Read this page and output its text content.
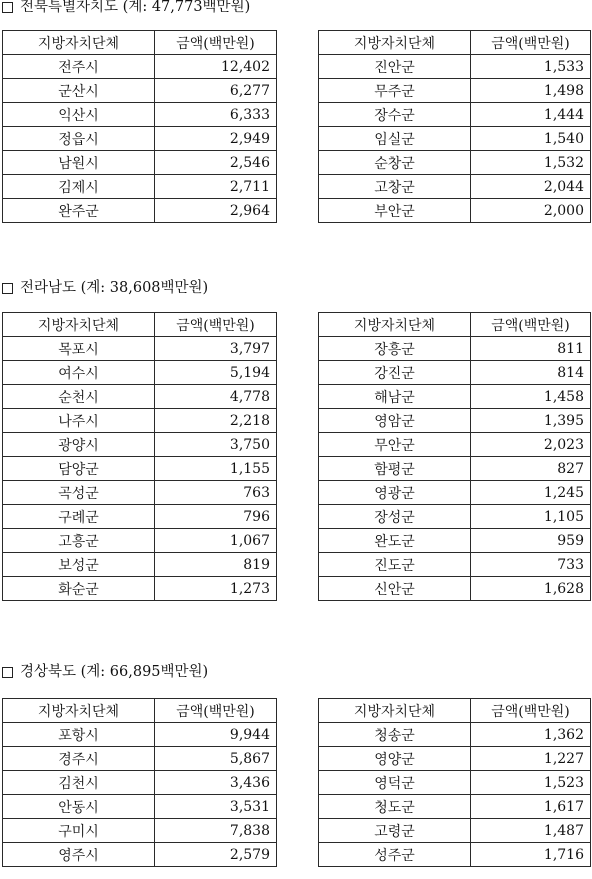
전북특별자치도 (계: 47,773백만원)
지방자치단체	금액(백만원)
전주시	12,402
군산시	6,277
익산시	6,333
정읍시	2,949
남원시	2,546
김제시	2,711
완주군	2,964
지방자치단체	금액(백만원)
진안군	1,533
무주군	1,498
장수군	1,444
임실군	1,540
순창군	1,532
고창군	2,044
부안군	2,000
전라남도 (계: 38,608백만원)
지방자치단체	금액(백만원)
목포시	3,797
여수시	5,194
순천시	4,778
나주시	2,218
광양시	3,750
담양군	1,155
곡성군	763
구례군	796
고흥군	1,067
보성군	819
화순군	1,273
지방자치단체	금액(백만원)
장흥군	811
강진군	814
해남군	1,458
영암군	1,395
무안군	2,023
함평군	827
영광군	1,245
장성군	1,105
완도군	959
진도군	733
신안군	1,628
경상북도 (계: 66,895백만원)
지방자치단체	금액(백만원)
포항시	9,944
경주시	5,867
김천시	3,436
안동시	3,531
구미시	7,838
영주시	2,579
지방자치단체	금액(백만원)
청송군	1,362
영양군	1,227
영덕군	1,523
청도군	1,617
고령군	1,487
성주군	1,716
